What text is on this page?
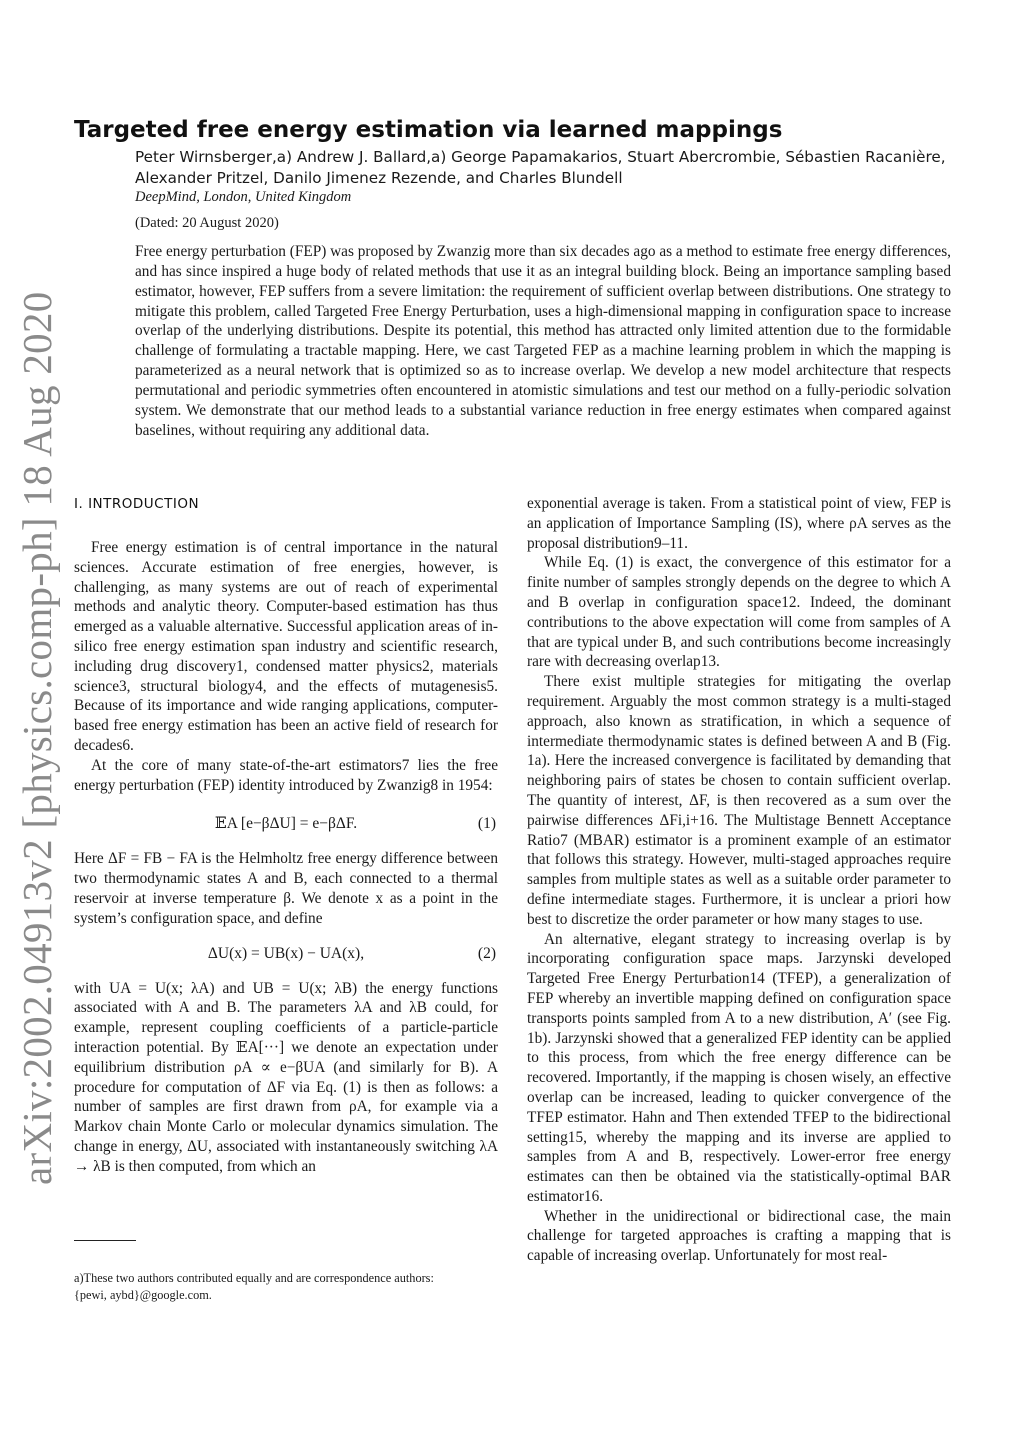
arXiv:2002.04913v2 [physics.comp-ph] 18 Aug 2020
Targeted free energy estimation via learned mappings

Peter Wirnsberger,a) Andrew J. Ballard,a) George Papamakarios, Stuart Abercrombie, Sébastien Racanière,

Alexander Pritzel, Danilo Jimenez Rezende, and Charles Blundell

DeepMind, London, United Kingdom
(Dated: 20 August 2020)

Free energy perturbation (FEP) was proposed by Zwanzig more than six decades ago as a method to estimate free energy differences, and has since inspired a huge body of related methods that use it as an integral building block. Being an importance sampling based estimator, however, FEP suffers from a severe limitation: the requirement of sufficient overlap between distributions. One strategy to mitigate this problem, called Targeted Free Energy Perturbation, uses a high-dimensional mapping in configuration space to increase overlap of the underlying distributions. Despite its potential, this method has attracted only limited attention due to the formidable challenge of formulating a tractable mapping. Here, we cast Targeted FEP as a machine learning problem in which the mapping is parameterized as a neural network that is optimized so as to increase overlap. We develop a new model architecture that respects permutational and periodic symmetries often encountered in atomistic simulations and test our method on a fully-periodic solvation system. We demonstrate that our method leads to a substantial variance reduction in free energy estimates when compared against baselines, without requiring any additional data.

I. INTRODUCTION

Free energy estimation is of central importance in the natural sciences. Accurate estimation of free energies, however, is challenging, as many systems are out of reach of experimental methods and analytic theory. Computer-based estimation has thus emerged as a valuable alternative. Successful application areas of in-silico free energy estimation span industry and scientific research, including drug discovery1, condensed matter physics2, materials science3, structural biology4, and the effects of mutagenesis5. Because of its importance and wide ranging applications, computer-based free energy estimation has been an active field of research for decades6.

At the core of many state-of-the-art estimators7 lies the free energy perturbation (FEP) identity introduced by Zwanzig8 in 1954:

𝔼A [e−βΔU] = e−βΔF.	(1)

Here ΔF = FB − FA is the Helmholtz free energy difference between two thermodynamic states A and B, each connected to a thermal reservoir at inverse temperature β. We denote x as a point in the system’s configuration space, and define

ΔU(x) = UB(x) − UA(x),	(2)

with UA = U(x; λA) and UB = U(x; λB) the energy functions associated with A and B. The parameters λA and λB could, for example, represent coupling coefficients of a particle-particle interaction potential. By 𝔼A[···] we denote an expectation under equilibrium distribution ρA ∝ e−βUA (and similarly for B). A procedure for computation of ΔF via Eq. (1) is then as follows: a number of samples are first drawn from ρA, for example via a Markov chain Monte Carlo or molecular dynamics simulation. The change in energy, ΔU, associated with instantaneously switching λA → λB is then computed, from which an

exponential average is taken. From a statistical point of view, FEP is an application of Importance Sampling (IS), where ρA serves as the proposal distribution9–11.

While Eq. (1) is exact, the convergence of this estimator for a finite number of samples strongly depends on the degree to which A and B overlap in configuration space12. Indeed, the dominant contributions to the above expectation will come from samples of A that are typical under B, and such contributions become increasingly rare with decreasing overlap13.

There exist multiple strategies for mitigating the overlap requirement. Arguably the most common strategy is a multi-staged approach, also known as stratification, in which a sequence of intermediate thermodynamic states is defined between A and B (Fig. 1a). Here the increased convergence is facilitated by demanding that neighboring pairs of states be chosen to contain sufficient overlap. The quantity of interest, ΔF, is then recovered as a sum over the pairwise differences ΔFi,i+16. The Multistage Bennett Acceptance Ratio7 (MBAR) estimator is a prominent example of an estimator that follows this strategy. However, multi-staged approaches require samples from multiple states as well as a suitable order parameter to define intermediate stages. Furthermore, it is unclear a priori how best to discretize the order parameter or how many stages to use.

An alternative, elegant strategy to increasing overlap is by incorporating configuration space maps. Jarzynski developed Targeted Free Energy Perturbation14 (TFEP), a generalization of FEP whereby an invertible mapping defined on configuration space transports points sampled from A to a new distribution, A′ (see Fig. 1b). Jarzynski showed that a generalized FEP identity can be applied to this process, from which the free energy difference can be recovered. Importantly, if the mapping is chosen wisely, an effective overlap can be increased, leading to quicker convergence of the TFEP estimator. Hahn and Then extended TFEP to the bidirectional setting15, whereby the mapping and its inverse are applied to samples from A and B, respectively. Lower-error free energy estimates can then be obtained via the statistically-optimal BAR estimator16.

Whether in the unidirectional or bidirectional case, the main challenge for targeted approaches is crafting a mapping that is capable of increasing overlap. Unfortunately for most real-

a)These two authors contributed equally and are correspondence authors:

{pewi, aybd}@google.com.
